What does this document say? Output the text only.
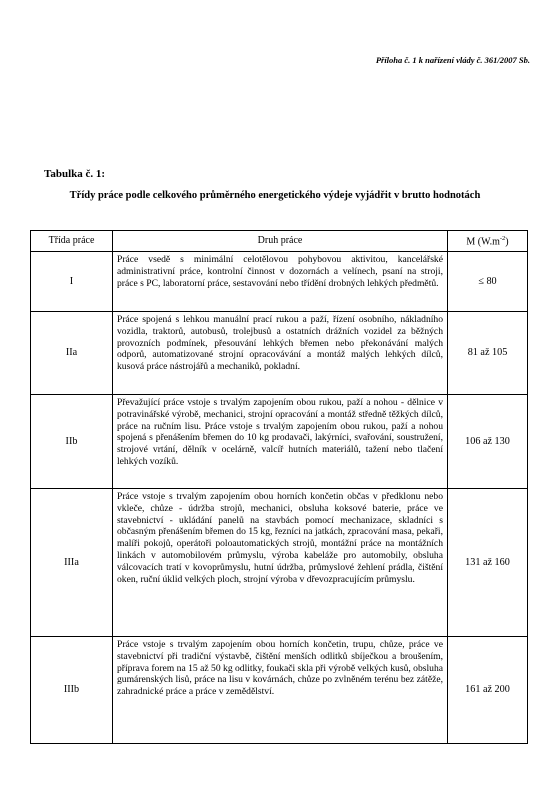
Příloha č. 1 k nařízení vlády č. 361/2007 Sb.
Tabulka č. 1:
Třídy práce podle celkového průměrného energetického výdeje vyjádřit v brutto hodnotách
Třída práce	Druh práce	M $(W.m^{-2})$
I	Práce vsedě s minimální celotělovou pohybovou aktivitou, kancelářské administrativní práce, kontrolní činnost v dozornách a velínech, psaní na stroji, práce s PC, laboratorní práce, sestavování nebo třídění drobných lehkých předmětů.	≤ 80
IIa	Práce spojená s lehkou manuální prací rukou a paží, řízení osobního, nákladního vozidla, traktorů, autobusů, trolejbusů a ostatních drážních vozidel za běžných provozních podmínek, přesouvání lehkých břemen nebo překonávání malých odporů, automatizované strojní opracovávání a montáž malých lehkých dílců, kusová práce nástrojářů a mechaniků, pokladní.	81 až 105
IIb	Převažující práce vstoje s trvalým zapojením obou rukou, paží a nohou - dělnice v potravinářské výrobě, mechanici, strojní opracování a montáž středně těžkých dílců, práce na ručním lisu. Práce vstoje s trvalým zapojením obou rukou, paží a nohou spojená s přenášením břemen do 10 kg prodavači, lakýrníci, svařování, soustružení, strojové vrtání, dělník v ocelárně, valcíř hutních materiálů, tažení nebo tlačení lehkých vozíků.	106 až 130
IIIa	Práce vstoje s trvalým zapojením obou horních končetin občas v předklonu nebo vkleče, chůze - údržba strojů, mechanici, obsluha koksové baterie, práce ve stavebnictví - ukládání panelů na stavbách pomocí mechanizace, skladníci s občasným přenášením břemen do 15 kg, řezníci na jatkách, zpracování masa, pekaři, malíři pokojů, operátoři poloautomatických strojů, montážní práce na montážních linkách v automobilovém průmyslu, výroba kabeláže pro automobily, obsluha válcovacích tratí v kovoprůmyslu, hutní údržba, průmyslové žehlení prádla, čištění oken, ruční úklid velkých ploch, strojní výroba v dřevozpracujícím průmyslu.	131 až 160
IIIb	Práce vstoje s trvalým zapojením obou horních končetin, trupu, chůze, práce ve stavebnictví při tradiční výstavbě, čištění menších odlitků sbíječkou a broušením, příprava forem na 15 až 50 kg odlitky, foukači skla při výrobě velkých kusů, obsluha gumárenských lisů, práce na lisu v kovárnách, chůze po zvlněném terénu bez zátěže, zahradnické práce a práce v zemědělství.	161 až 200
